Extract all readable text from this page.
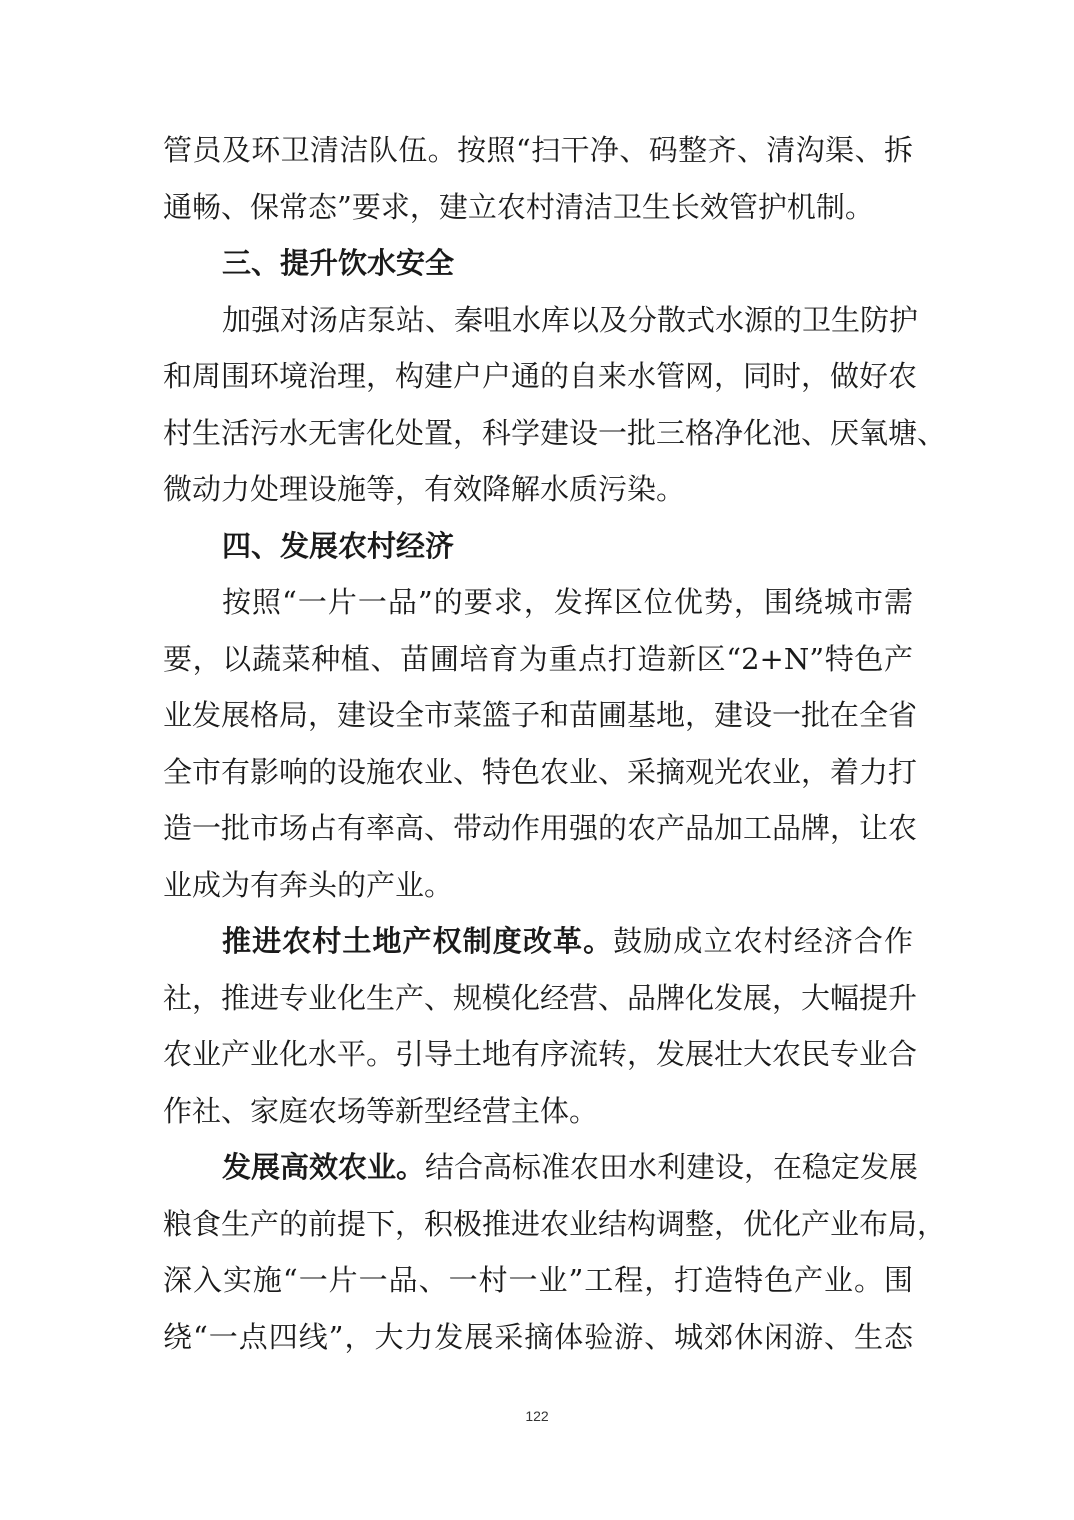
管员及环卫清洁队伍。按照“扫干净、码整齐、清沟渠、拆
通畅、保常态”要求，建立农村清洁卫生长效管护机制。
三、提升饮水安全
加强对汤店泵站、秦咀水库以及分散式水源的卫生防护
和周围环境治理，构建户户通的自来水管网，同时，做好农
村生活污水无害化处置，科学建设一批三格净化池、厌氧塘、
微动力处理设施等，有效降解水质污染。
四、发展农村经济
按照“一片一品”的要求，发挥区位优势，围绕城市需
要，以蔬菜种植、苗圃培育为重点打造新区“2+N”特色产
业发展格局，建设全市菜篮子和苗圃基地，建设一批在全省
全市有影响的设施农业、特色农业、采摘观光农业，着力打
造一批市场占有率高、带动作用强的农产品加工品牌，让农
业成为有奔头的产业。
推进农村土地产权制度改革。鼓励成立农村经济合作
社，推进专业化生产、规模化经营、品牌化发展，大幅提升
农业产业化水平。引导土地有序流转，发展壮大农民专业合
作社、家庭农场等新型经营主体。
发展高效农业。结合高标准农田水利建设，在稳定发展
粮食生产的前提下，积极推进农业结构调整，优化产业布局，
深入实施“一片一品、一村一业”工程，打造特色产业。围
绕“一点四线”，大力发展采摘体验游、城郊休闲游、生态
122
